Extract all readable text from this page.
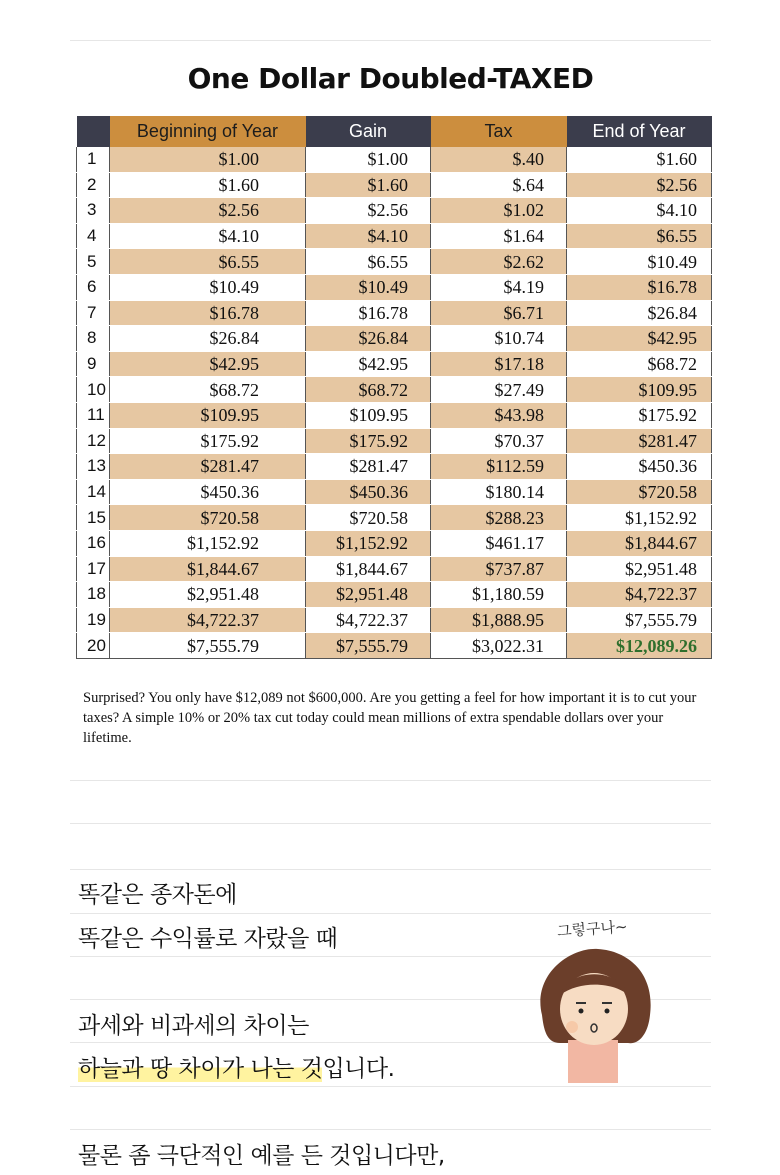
One Dollar Doubled-TAXED
	Beginning of Year	Gain	Tax	End of Year
1	$1.00	$1.00	$.40	$1.60
2	$1.60	$1.60	$.64	$2.56
3	$2.56	$2.56	$1.02	$4.10
4	$4.10	$4.10	$1.64	$6.55
5	$6.55	$6.55	$2.62	$10.49
6	$10.49	$10.49	$4.19	$16.78
7	$16.78	$16.78	$6.71	$26.84
8	$26.84	$26.84	$10.74	$42.95
9	$42.95	$42.95	$17.18	$68.72
10	$68.72	$68.72	$27.49	$109.95
11	$109.95	$109.95	$43.98	$175.92
12	$175.92	$175.92	$70.37	$281.47
13	$281.47	$281.47	$112.59	$450.36
14	$450.36	$450.36	$180.14	$720.58
15	$720.58	$720.58	$288.23	$1,152.92
16	$1,152.92	$1,152.92	$461.17	$1,844.67
17	$1,844.67	$1,844.67	$737.87	$2,951.48
18	$2,951.48	$2,951.48	$1,180.59	$4,722.37
19	$4,722.37	$4,722.37	$1,888.95	$7,555.79
20	$7,555.79	$7,555.79	$3,022.31	$12,089.26
Surprised? You only have $12,089 not $600,000. Are you getting a feel for how important it is to cut your taxes? A simple 10% or 20% tax cut today could mean millions of extra spendable dollars over your lifetime.
똑같은 종자돈에
똑같은 수익률로 자랐을 때
과세와 비과세의 차이는
하늘과 땅 차이가 나는 것입니다.
물론 좀 극단적인 예를 든 것입니다만,
그렇구나~
